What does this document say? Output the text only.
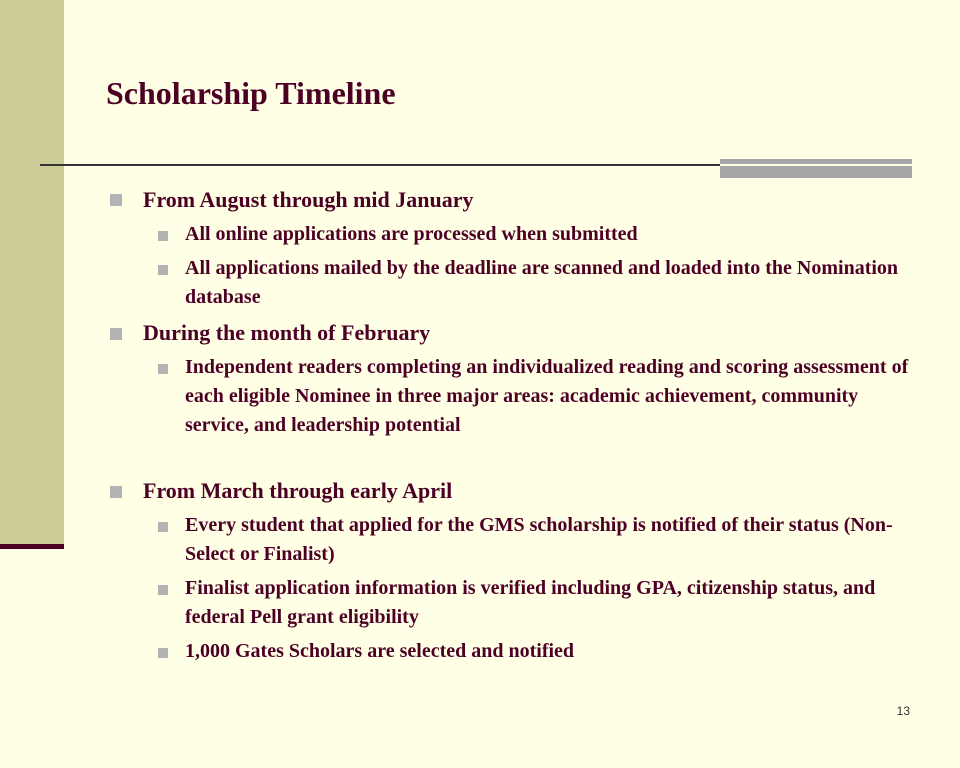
Scholarship Timeline
From August through mid January
All online applications are processed when submitted
All applications mailed by the deadline are scanned and loaded into the Nomination database
During the month of February
Independent readers completing an individualized reading and scoring assessment of each eligible Nominee in three major areas: academic achievement, community service, and leadership potential
From March through early April
Every student that applied for the GMS scholarship is notified of their status (Non-Select or Finalist)
Finalist application information is verified including GPA, citizenship status, and federal Pell grant eligibility
1,000 Gates Scholars are selected and notified
13
